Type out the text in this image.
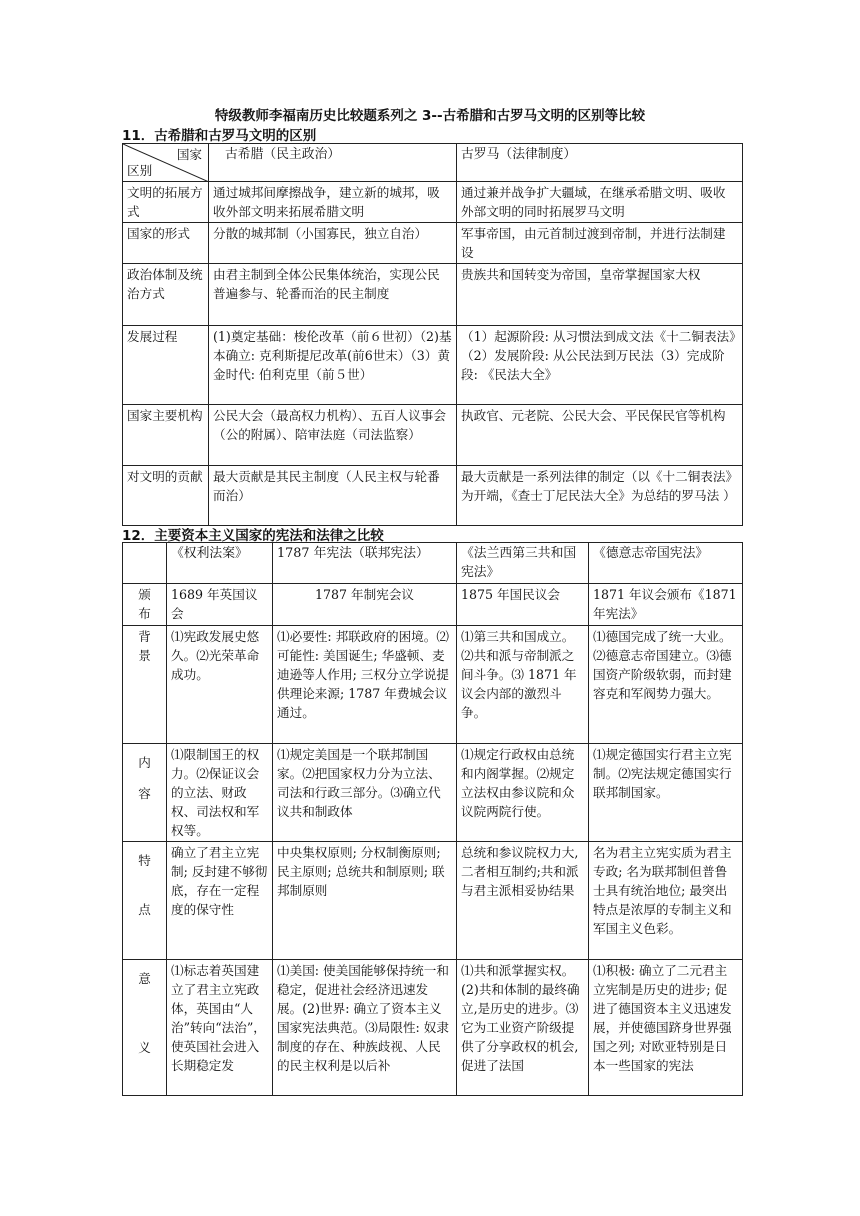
特级教师李福南历史比较题系列之 3--古希腊和古罗马文明的区别等比较
11．古希腊和古罗马文明的区别
国家
区别	古希腊（民主政治）	古罗马（法律制度）
文明的拓展方式	通过城邦间摩擦战争，建立新的城邦，吸收外部文明来拓展希腊文明	通过兼并战争扩大疆域，在继承希腊文明、吸收外部文明的同时拓展罗马文明
国家的形式	分散的城邦制（小国寡民，独立自治）	军事帝国，由元首制过渡到帝制，并进行法制建设
政治体制及统治方式	由君主制到全体公民集体统治，实现公民普遍参与、轮番而治的民主制度	贵族共和国转变为帝国，皇帝掌握国家大权
发展过程	(1)奠定基础：梭伦改革（前６世初）（2)基本确立: 克利斯提尼改革(前6世末）（3）黄金时代: 伯利克里（前５世）	（1）起源阶段: 从习惯法到成文法《十二铜表法》（2）发展阶段: 从公民法到万民法（3）完成阶段: 《民法大全》
国家主要机构	公民大会（最高权力机构）、五百人议事会（公的附属）、陪审法庭（司法监察）	执政官、元老院、公民大会、平民保民官等机构
对文明的贡献	最大贡献是其民主制度（人民主权与轮番而治）	最大贡献是一系列法律的制定（以《十二铜表法》为开端，《查士丁尼民法大全》为总结的罗马法 ）
12．主要资本主义国家的宪法和法律之比较
	《权利法案》	1787 年宪法（联邦宪法）	《法兰西第三共和国宪法》	《德意志帝国宪法》

颁
布	1689 年英国议会	1787 年制宪会议	1875 年国民议会	1871 年议会颁布《1871 年宪法》

背
景	⑴宪政发展史悠久。⑵光荣革命成功。	⑴必要性: 邦联政府的困境。⑵可能性: 美国诞生; 华盛顿、麦迪逊等人作用; 三权分立学说提供理论来源; 1787 年费城会议通过。	⑴第三共和国成立。⑵共和派与帝制派之间斗争。⑶ 1871 年议会内部的激烈斗争。	⑴德国完成了统一大业。⑵德意志帝国建立。⑶德国资产阶级软弱，而封建容克和军阀势力强大。

内
容	⑴限制国王的权力。⑵保证议会的立法、财政权、司法权和军权等。	⑴规定美国是一个联邦制国家。⑵把国家权力分为立法、司法和行政三部分。⑶确立代议共和制政体	⑴规定行政权由总统和内阁掌握。⑵规定立法权由参议院和众议院两院行使。	⑴规定德国实行君主立宪制。⑵宪法规定德国实行联邦制国家。

特
点	确立了君主立宪制; 反封建不够彻底，存在一定程度的保守性	中央集权原则; 分权制衡原则; 民主原则; 总统共和制原则; 联邦制原则	总统和参议院权力大,二者相互制约;共和派与君主派相妥协结果	名为君主立宪实质为君主专政; 名为联邦制但普鲁士具有统治地位; 最突出特点是浓厚的专制主义和军国主义色彩。

意
义	⑴标志着英国建立了君主立宪政体，英国由“人治”转向“法治”，使英国社会进入长期稳定发	⑴美国: 使美国能够保持统一和稳定，促进社会经济迅速发展。(2)世界: 确立了资本主义国家宪法典范。⑶局限性: 奴隶制度的存在、种族歧视、人民的民主权利是以后补	⑴共和派掌握实权。 (2)共和体制的最终确立,是历史的进步。⑶它为工业资产阶级提供了分享政权的机会,促进了法国	⑴积极: 确立了二元君主立宪制是历史的进步; 促进了德国资本主义迅速发展，并使德国跻身世界强国之列; 对欧亚特别是日本一些国家的宪法
